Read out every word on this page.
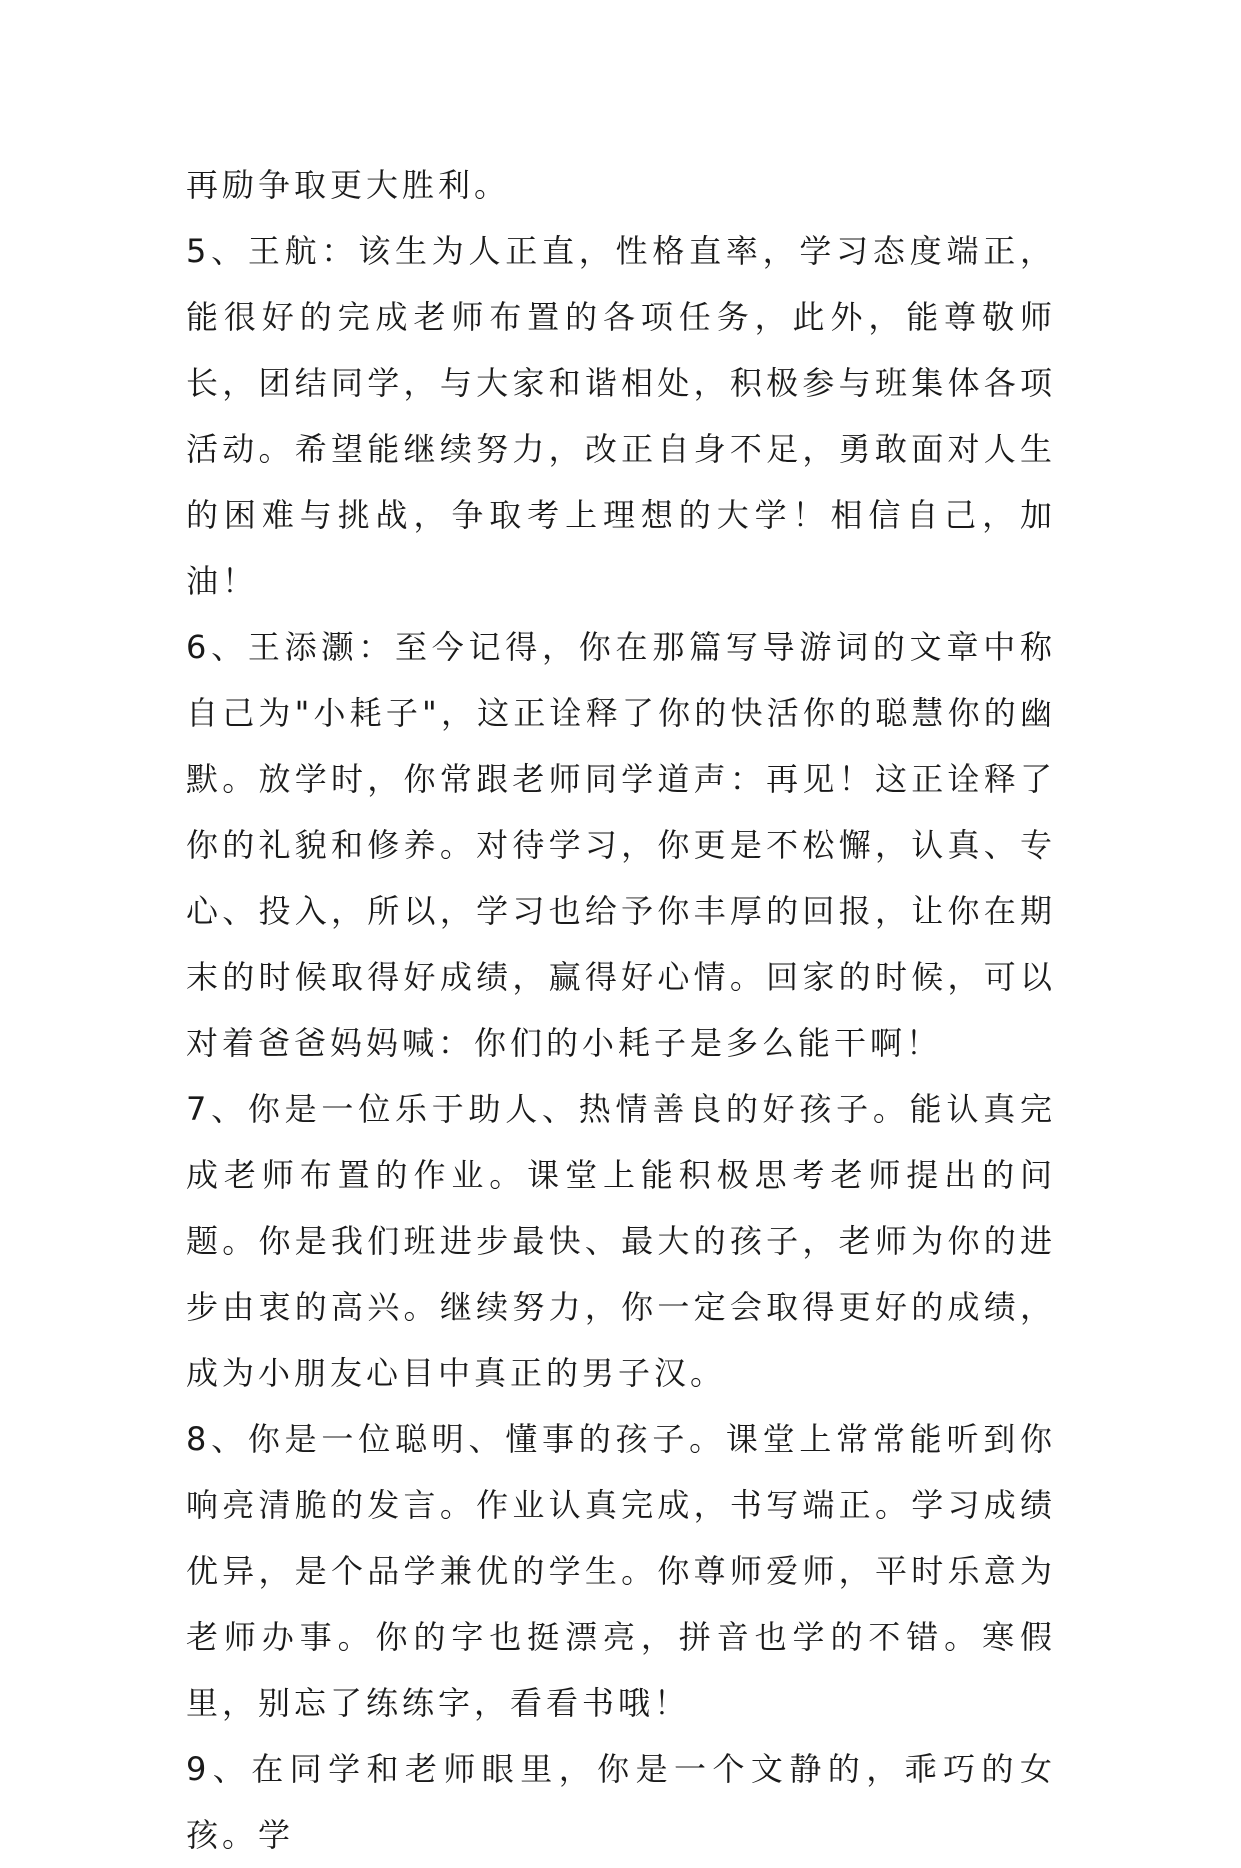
再励争取更大胜利。

5、王航：该生为人正直，性格直率，学习态度端正，能很好的完成老师布置的各项任务，此外，能尊敬师长，团结同学，与大家和谐相处，积极参与班集体各项活动。希望能继续努力，改正自身不足，勇敢面对人生的困难与挑战，争取考上理想的大学！相信自己，加油！

6、王添灏：至今记得，你在那篇写导游词的文章中称自己为"小耗子"，这正诠释了你的快活你的聪慧你的幽默。放学时，你常跟老师同学道声：再见！这正诠释了你的礼貌和修养。对待学习，你更是不松懈，认真、专心、投入，所以，学习也给予你丰厚的回报，让你在期末的时候取得好成绩，赢得好心情。回家的时候，可以对着爸爸妈妈喊：你们的小耗子是多么能干啊！

7、你是一位乐于助人、热情善良的好孩子。能认真完成老师布置的作业。课堂上能积极思考老师提出的问题。你是我们班进步最快、最大的孩子，老师为你的进步由衷的高兴。继续努力，你一定会取得更好的成绩，成为小朋友心目中真正的男子汉。

8、你是一位聪明、懂事的孩子。课堂上常常能听到你响亮清脆的发言。作业认真完成，书写端正。学习成绩优异，是个品学兼优的学生。你尊师爱师，平时乐意为老师办事。你的字也挺漂亮，拼音也学的不错。寒假里，别忘了练练字，看看书哦！

9、在同学和老师眼里，你是一个文静的，乖巧的女孩。学
